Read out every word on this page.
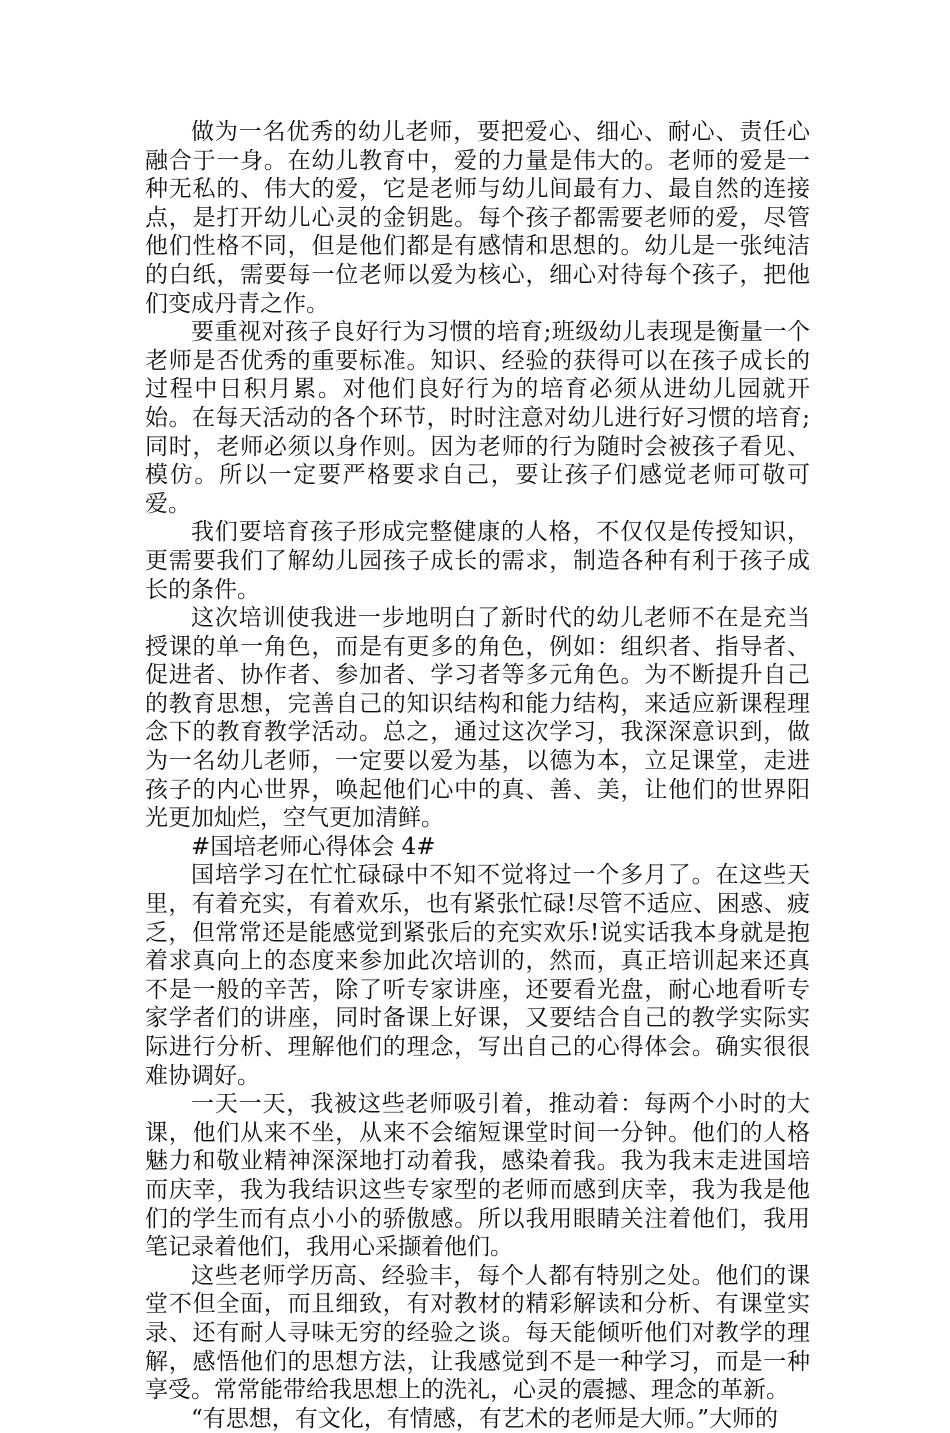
做为一名优秀的幼儿老师，要把爱心、细心、耐心、责任心融合于一身。在幼儿教育中，爱的力量是伟大的。老师的爱是一种无私的、伟大的爱，它是老师与幼儿间最有力、最自然的连接点，是打开幼儿心灵的金钥匙。每个孩子都需要老师的爱，尽管他们性格不同，但是他们都是有感情和思想的。幼儿是一张纯洁的白纸，需要每一位老师以爱为核心，细心对待每个孩子，把他们变成丹青之作。

要重视对孩子良好行为习惯的培育;班级幼儿表现是衡量一个老师是否优秀的重要标准。知识、经验的获得可以在孩子成长的过程中日积月累。对他们良好行为的培育必须从进幼儿园就开始。在每天活动的各个环节，时时注意对幼儿进行好习惯的培育;同时，老师必须以身作则。因为老师的行为随时会被孩子看见、模仿。所以一定要严格要求自己，要让孩子们感觉老师可敬可爱。

我们要培育孩子形成完整健康的人格，不仅仅是传授知识，更需要我们了解幼儿园孩子成长的需求，制造各种有利于孩子成长的条件。

这次培训使我进一步地明白了新时代的幼儿老师不在是充当授课的单一角色，而是有更多的角色，例如：组织者、指导者、促进者、协作者、参加者、学习者等多元角色。为不断提升自己的教育思想，完善自己的知识结构和能力结构，来适应新课程理念下的教育教学活动。总之，通过这次学习，我深深意识到，做为一名幼儿老师，一定要以爱为基，以德为本，立足课堂，走进孩子的内心世界，唤起他们心中的真、善、美，让他们的世界阳光更加灿烂，空气更加清鲜。

#国培老师心得体会 4#

国培学习在忙忙碌碌中不知不觉将过一个多月了。在这些天里，有着充实，有着欢乐，也有紧张忙碌!尽管不适应、困惑、疲乏，但常常还是能感觉到紧张后的充实欢乐!说实话我本身就是抱着求真向上的态度来参加此次培训的，然而，真正培训起来还真不是一般的辛苦，除了听专家讲座，还要看光盘，耐心地看听专家学者们的讲座，同时备课上好课，又要结合自己的教学实际实际进行分析、理解他们的理念，写出自己的心得体会。确实很很难协调好。

一天一天，我被这些老师吸引着，推动着：每两个小时的大课，他们从来不坐，从来不会缩短课堂时间一分钟。他们的人格魅力和敬业精神深深地打动着我，感染着我。我为我末走进国培而庆幸，我为我结识这些专家型的老师而感到庆幸，我为我是他们的学生而有点小小的骄傲感。所以我用眼睛关注着他们，我用笔记录着他们，我用心采撷着他们。

这些老师学历高、经验丰，每个人都有特别之处。他们的课堂不但全面，而且细致，有对教材的精彩解读和分析、有课堂实录、还有耐人寻味无穷的经验之谈。每天能倾听他们对教学的理解，感悟他们的思想方法，让我感觉到不是一种学习，而是一种享受。常常能带给我思想上的洗礼，心灵的震撼、理念的革新。

“有思想，有文化，有情感，有艺术的老师是大师。”大师的
